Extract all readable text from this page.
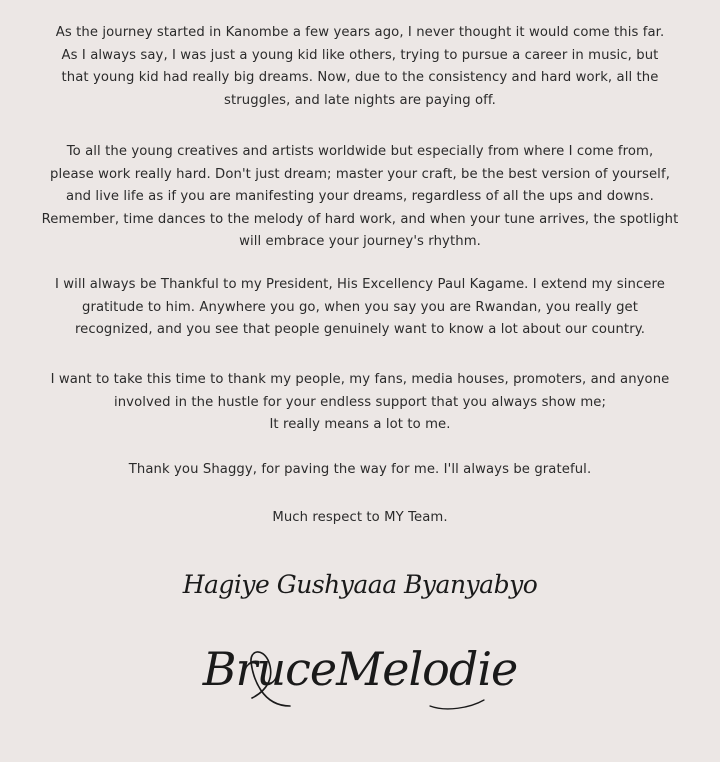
As the journey started in Kanombe a few years ago, I never thought it would come this far.
As I always say, I was just a young kid like others, trying to pursue a career in music, but
that young kid had really big dreams. Now, due to the consistency and hard work, all the
struggles, and late nights are paying off.

To all the young creatives and artists worldwide but especially from where I come from,
please work really hard. Don't just dream; master your craft, be the best version of yourself,
and live life as if you are manifesting your dreams, regardless of all the ups and downs.
Remember, time dances to the melody of hard work, and when your tune arrives, the spotlight
will embrace your journey's rhythm.

I will always be Thankful to my President, His Excellency Paul Kagame. I extend my sincere
gratitude to him. Anywhere you go, when you say you are Rwandan, you really get
recognized, and you see that people genuinely want to know a lot about our country.

I want to take this time to thank my people, my fans, media houses, promoters, and anyone
involved in the hustle for your endless support that you always show me;
It really means a lot to me.

Thank you Shaggy, for paving the way for me. I'll always be grateful.

Much respect to MY Team.

Hagiye Gushyaaa Byanyabyo
BruceMelodie
